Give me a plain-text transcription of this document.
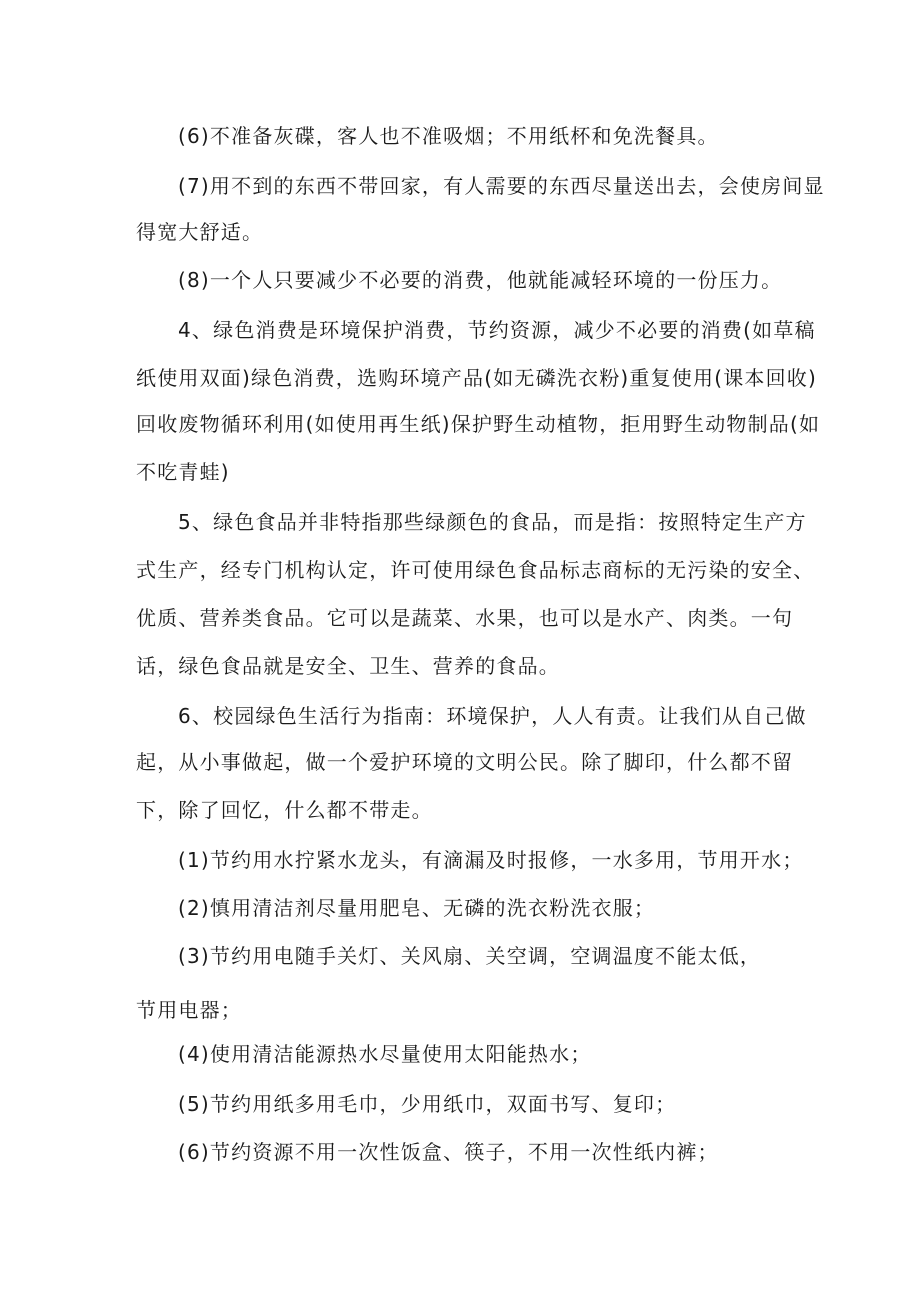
(6)不准备灰碟，客人也不准吸烟；不用纸杯和免洗餐具。
(7)用不到的东西不带回家，有人需要的东西尽量送出去，会使房间显
得宽大舒适。
(8)一个人只要减少不必要的消费，他就能减轻环境的一份压力。
4、绿色消费是环境保护消费，节约资源，减少不必要的消费(如草稿
纸使用双面)绿色消费，选购环境产品(如无磷洗衣粉)重复使用(课本回收)
回收废物循环利用(如使用再生纸)保护野生动植物，拒用野生动物制品(如
不吃青蛙)
5、绿色食品并非特指那些绿颜色的食品，而是指：按照特定生产方
式生产，经专门机构认定，许可使用绿色食品标志商标的无污染的安全、
优质、营养类食品。它可以是蔬菜、水果，也可以是水产、肉类。一句
话，绿色食品就是安全、卫生、营养的食品。
6、校园绿色生活行为指南：环境保护，人人有责。让我们从自己做
起，从小事做起，做一个爱护环境的文明公民。除了脚印，什么都不留
下，除了回忆，什么都不带走。
(1)节约用水拧紧水龙头，有滴漏及时报修，一水多用，节用开水；
(2)慎用清洁剂尽量用肥皂、无磷的洗衣粉洗衣服；
(3)节约用电随手关灯、关风扇、关空调，空调温度不能太低，
节用电器；
(4)使用清洁能源热水尽量使用太阳能热水；
(5)节约用纸多用毛巾，少用纸巾，双面书写、复印；
(6)节约资源不用一次性饭盒、筷子，不用一次性纸内裤；
